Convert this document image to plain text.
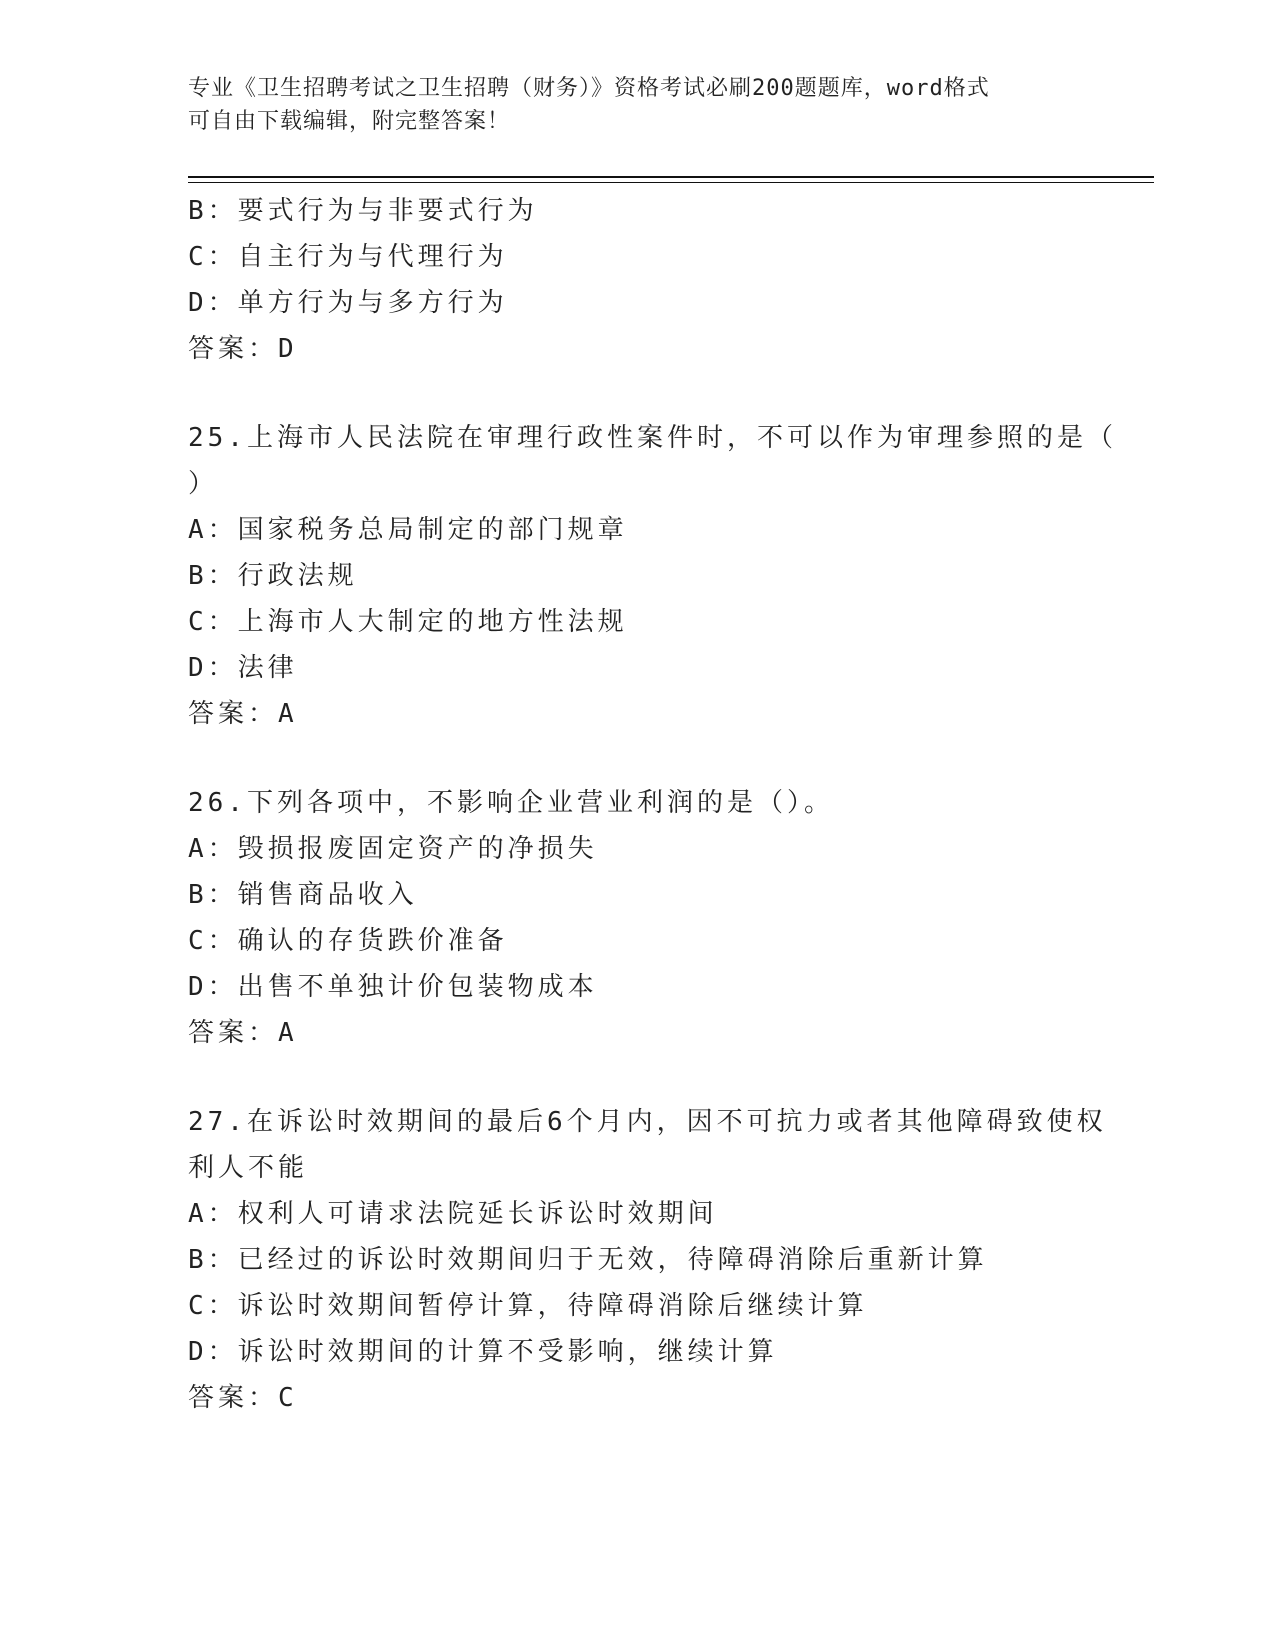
专业《卫生招聘考试之卫生招聘（财务）》资格考试必刷200题题库，word格式
可自由下载编辑，附完整答案！
B：要式行为与非要式行为
C：自主行为与代理行为
D：单方行为与多方行为
答案：D
25.上海市人民法院在审理行政性案件时，不可以作为审理参照的是（
）
A：国家税务总局制定的部门规章
B：行政法规
C：上海市人大制定的地方性法规
D：法律
答案：A
26.下列各项中，不影响企业营业利润的是（）。
A：毁损报废固定资产的净损失
B：销售商品收入
C：确认的存货跌价准备
D：出售不单独计价包装物成本
答案：A
27.在诉讼时效期间的最后6个月内，因不可抗力或者其他障碍致使权
利人不能
A：权利人可请求法院延长诉讼时效期间
B：已经过的诉讼时效期间归于无效，待障碍消除后重新计算
C：诉讼时效期间暂停计算，待障碍消除后继续计算
D：诉讼时效期间的计算不受影响，继续计算
答案：C
